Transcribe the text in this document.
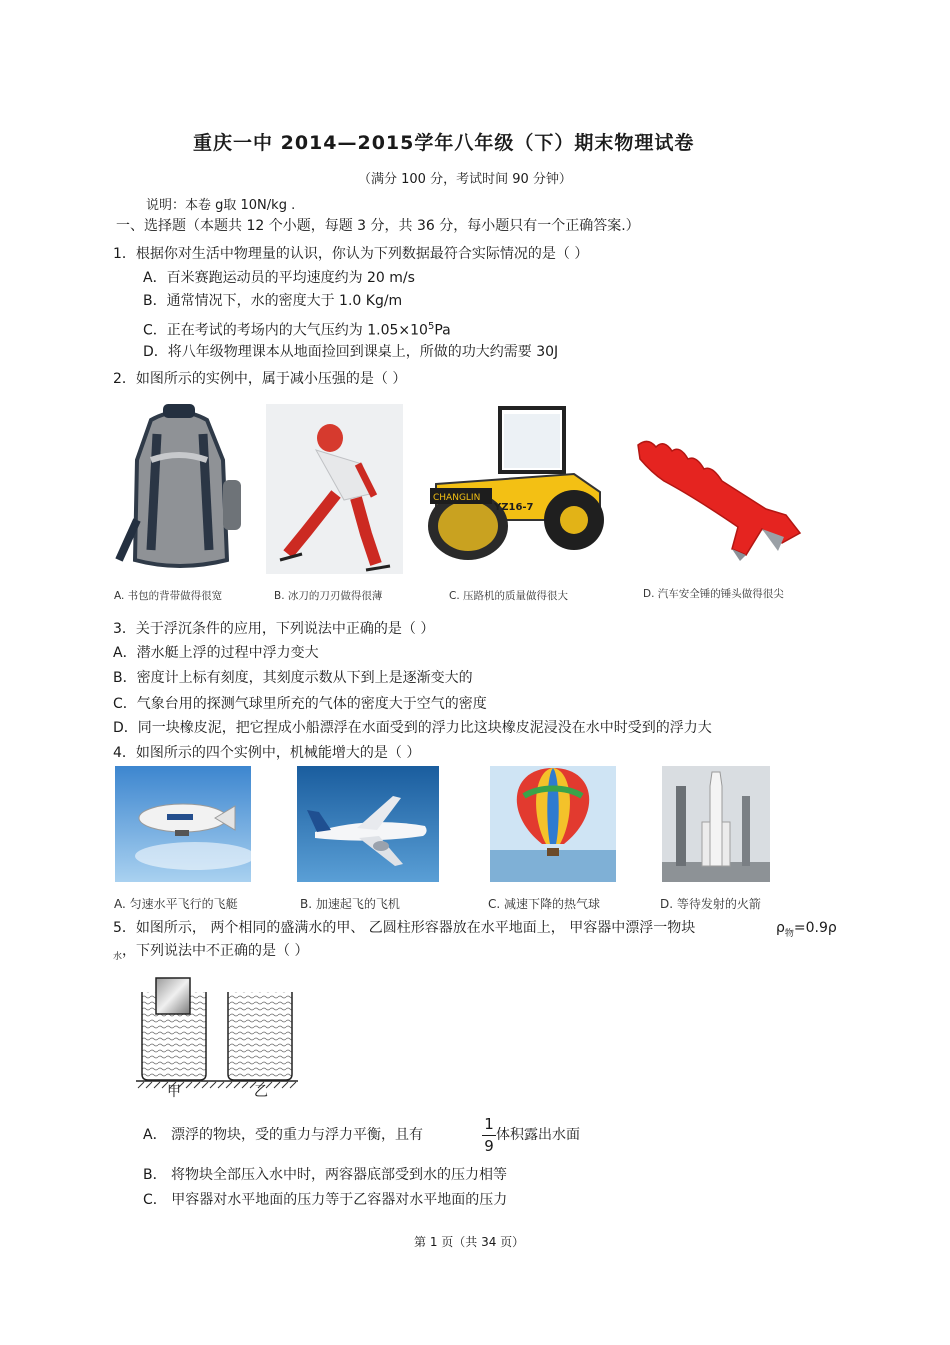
重庆一中 2014—2015学年八年级（下）期末物理试卷
（满分 100 分，考试时间 90 分钟）
说明：本卷 g取 10N/kg .
一、选择题（本题共 12 个小题，每题 3 分，共 36 分，每小题只有一个正确答案.）
1．根据你对生活中物理量的认识，你认为下列数据最符合实际情况的是（ ）
A．百米赛跑运动员的平均速度约为 20 m/s
B．通常情况下，水的密度大于 1.0 Kg/m
C．正在考试的考场内的大气压约为 $1.05\times 10^5Pa$
D．将八年级物理课本从地面捡回到课桌上，所做的功大约需要 30J
2．如图所示的实例中，属于减小压强的是（ ）
CHANGLIN
YZ16-7
A. 书包的背带做得很宽	B. 冰刀的刀刃做得很薄	C. 压路机的质量做得很大	D. 汽车安全锤的锤头做得很尖
3．关于浮沉条件的应用，下列说法中正确的是（ ）
A．潜水艇上浮的过程中浮力变大
B．密度计上标有刻度，其刻度示数从下到上是逐渐变大的
C．气象台用的探测气球里所充的气体的密度大于空气的密度
D．同一块橡皮泥，把它捏成小船漂浮在水面受到的浮力比这块橡皮泥浸没在水中时受到的浮力大
4．如图所示的四个实例中，机械能增大的是（ ）
A. 匀速水平飞行的飞艇	B. 加速起飞的飞机	C. 减速下降的热气球	D. 等待发射的火箭
5．如图所示， 两个相同的盛满水的甲、 乙圆柱形容器放在水平地面上， 甲容器中漂浮一物块	$\rho_物=0.9\rho$
$_水$，下列说法中不正确的是（ ）
甲	乙
A． 漂浮的物块，受的重力与浮力平衡，且有
1
9
体积露出水面
B． 将物块全部压入水中时，两容器底部受到水的压力相等
C． 甲容器对水平地面的压力等于乙容器对水平地面的压力
第 1 页（共 34 页）
